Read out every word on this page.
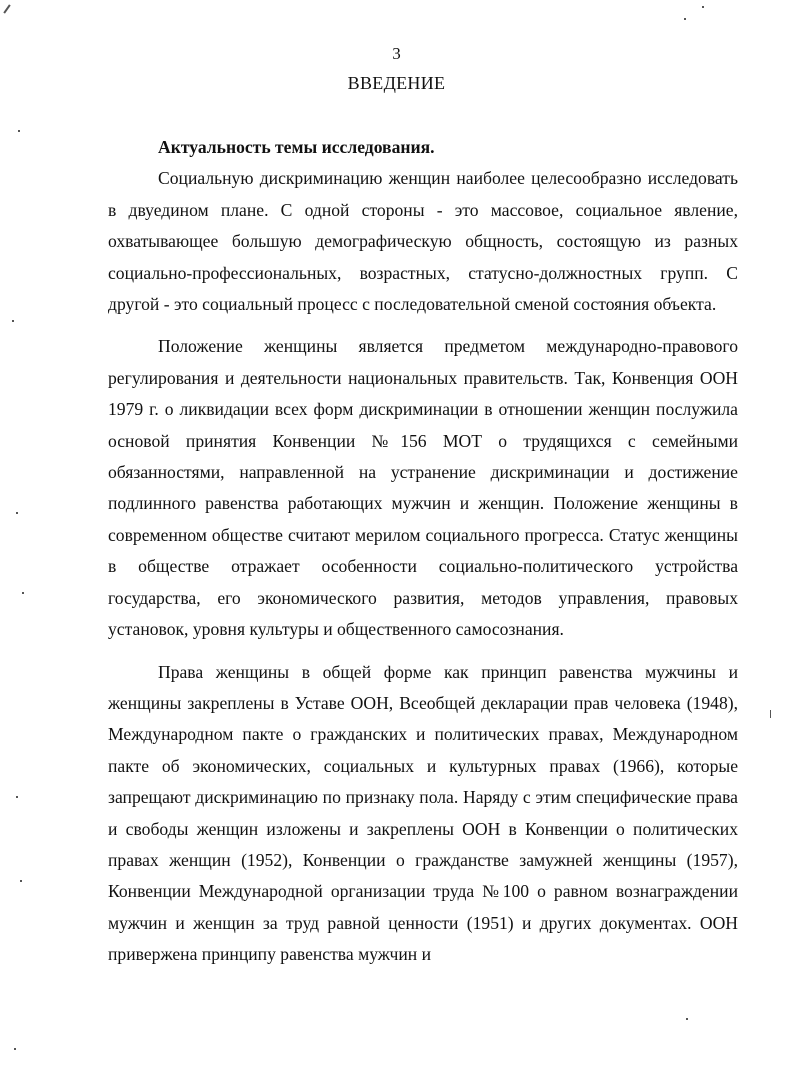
3
ВВЕДЕНИЕ

Актуальность темы исследования.

Социальную дискриминацию женщин наиболее целесообразно исследовать в двуедином плане. С одной стороны - это массовое, социальное явление, охватывающее большую демографическую общность, состоящую из разных социально-профессиональных, возрастных, статусно-должностных групп. С другой - это социальный процесс с последовательной сменой состояния объекта.

Положение женщины является предметом международно-правового регулирования и деятельности национальных правительств. Так, Конвенция ООН 1979 г. о ликвидации всех форм дискриминации в отношении женщин послужила основой принятия Конвенции №156 МОТ о трудящихся с семейными обязанностями, направленной на устранение дискриминации и достижение подлинного равенства работающих мужчин и женщин. Положение женщины в современном обществе считают мерилом социального прогресса. Статус женщины в обществе отражает особенности социально-политического устройства государства, его экономического развития, методов управления, правовых установок, уровня культуры и общественного самосознания.

Права женщины в общей форме как принцип равенства мужчины и женщины закреплены в Уставе ООН, Всеобщей декларации прав человека (1948), Международном пакте о гражданских и политических правах, Международном пакте об экономических, социальных и культурных правах (1966), которые запрещают дискриминацию по признаку пола. Наряду с этим специфические права и свободы женщин изложены и закреплены ООН в Конвенции о политических правах женщин (1952), Конвенции о гражданстве замужней женщины (1957), Конвенции Международной организации труда №100 о равном вознаграждении мужчин и женщин за труд равной ценности (1951) и других документах. ООН привержена принципу равенства мужчин и
